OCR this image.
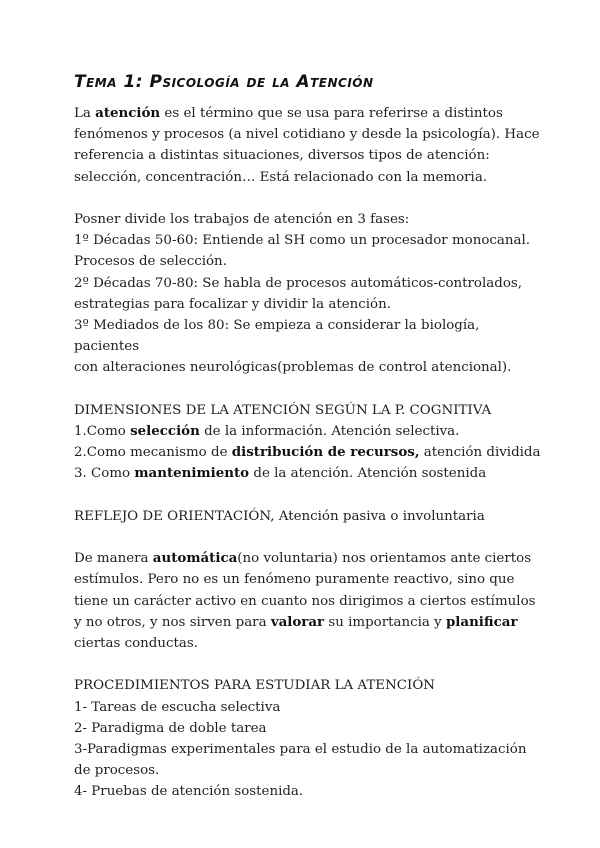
Tema 1: Psicología de la Atención

La atención es el término que se usa para referirse a distintos

fenómenos y procesos (a nivel cotidiano y desde la psicología). Hace

referencia a distintas situaciones, diversos tipos de atención:

selección, concentración… Está relacionado con la memoria.

Posner divide los trabajos de atención en 3 fases:

1º Décadas 50-60: Entiende al SH como un procesador monocanal.

Procesos de selección.

2º Décadas 70-80: Se habla de procesos automáticos-controlados,

estrategias para focalizar y dividir la atención.

3º Mediados de los 80: Se empieza a considerar la biología, pacientes

con alteraciones neurológicas(problemas de control atencional).

DIMENSIONES DE LA ATENCIÓN SEGÚN LA P. COGNITIVA

1.Como selección de la información. Atención selectiva.

2.Como mecanismo de distribución de recursos, atención dividida

3. Como mantenimiento de la atención. Atención sostenida

REFLEJO DE ORIENTACIÓN, Atención pasiva o involuntaria

De manera automática(no voluntaria) nos orientamos ante ciertos

estímulos. Pero no es un fenómeno puramente reactivo, sino que

tiene un carácter activo en cuanto nos dirigimos a ciertos estímulos

y no otros, y nos sirven para valorar su importancia y planificar

ciertas conductas.

PROCEDIMIENTOS PARA ESTUDIAR LA ATENCIÓN

1- Tareas de escucha selectiva

2- Paradigma de doble tarea

3-Paradigmas experimentales para el estudio de la automatización

de procesos.

4- Pruebas de atención sostenida.
